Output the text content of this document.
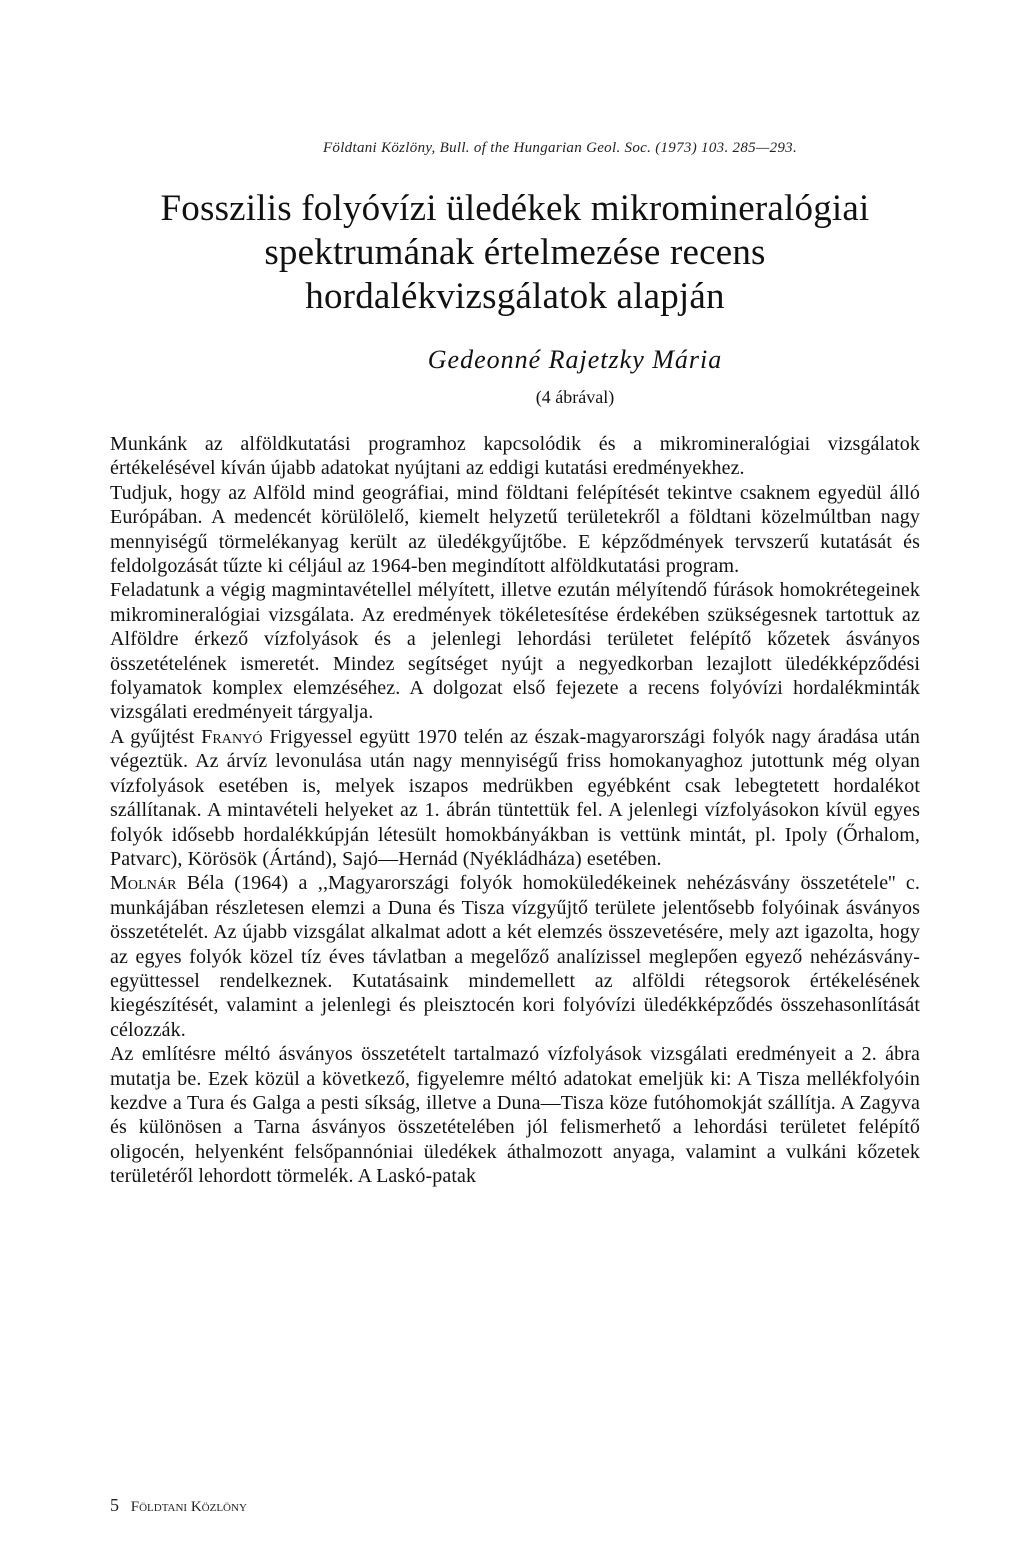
Földtani Közlöny, Bull. of the Hungarian Geol. Soc. (1973) 103. 285—293.
Fosszilis folyóvízi üledékek mikromineralógiai
spektrumának értelmezése recens
hordalékvizsgálatok alapján
Gedeonné Rajetzky Mária
(4 ábrával)

Munkánk az alföldkutatási programhoz kapcsolódik és a mikromineralógiai vizsgálatok értékelésével kíván újabb adatokat nyújtani az eddigi kutatási eredményekhez.

Tudjuk, hogy az Alföld mind geográfiai, mind földtani felépítését tekintve csaknem egyedül álló Európában. A medencét körülölelő, kiemelt helyzetű területekről a földtani közelmúltban nagy mennyiségű törmelékanyag került az üledékgyűjtőbe. E képződmények tervszerű kutatását és feldolgozását tűzte ki céljául az 1964-ben megindított alföldkutatási program.

Feladatunk a végig magmintavétellel mélyített, illetve ezután mélyítendő fúrások homokrétegeinek mikromineralógiai vizsgálata. Az eredmények tökéletesítése érdekében szükségesnek tartottuk az Alföldre érkező vízfolyások és a jelenlegi lehordási területet felépítő kőzetek ásványos összetételének ismeretét. Mindez segítséget nyújt a negyedkorban lezajlott üledékképződési folyamatok komplex elemzéséhez. A dolgozat első fejezete a recens folyóvízi hordalékminták vizsgálati eredményeit tárgyalja.

A gyűjtést Franyó Frigyessel együtt 1970 telén az észak-magyarországi folyók nagy áradása után végeztük. Az árvíz levonulása után nagy mennyiségű friss homokanyaghoz jutottunk még olyan vízfolyások esetében is, melyek iszapos medrükben egyébként csak lebegtetett hordalékot szállítanak. A mintavételi helyeket az 1. ábrán tüntettük fel. A jelenlegi vízfolyásokon kívül egyes folyók idősebb hordalékkúpján létesült homokbányákban is vettünk mintát, pl. Ipoly (Őrhalom, Patvarc), Körösök (Ártánd), Sajó—Hernád (Nyékládháza) esetében.

Molnár Béla (1964) a ,,Magyarországi folyók homoküledékeinek nehézásvány összetétele'' c. munkájában részletesen elemzi a Duna és Tisza vízgyűjtő területe jelentősebb folyóinak ásványos összetételét. Az újabb vizsgálat alkalmat adott a két elemzés összevetésére, mely azt igazolta, hogy az egyes folyók közel tíz éves távlatban a megelőző analízissel meglepően egyező nehézásvány-együttessel rendelkeznek. Kutatásaink mindemellett az alföldi rétegsorok értékelésének kiegészítését, valamint a jelenlegi és pleisztocén kori folyóvízi üledékképződés összehasonlítását célozzák.

Az említésre méltó ásványos összetételt tartalmazó vízfolyások vizsgálati eredményeit a 2. ábra mutatja be. Ezek közül a következő, figyelemre méltó adatokat emeljük ki: A Tisza mellékfolyóin kezdve a Tura és Galga a pesti síkság, illetve a Duna—Tisza köze futóhomokját szállítja. A Zagyva és különösen a Tarna ásványos összetételében jól felismerhető a lehordási területet felépítő oligocén, helyenként felsőpannóniai üledékek áthalmozott anyaga, valamint a vulkáni kőzetek területéről lehordott törmelék. A Laskó-patak

5 Földtani Közlöny
